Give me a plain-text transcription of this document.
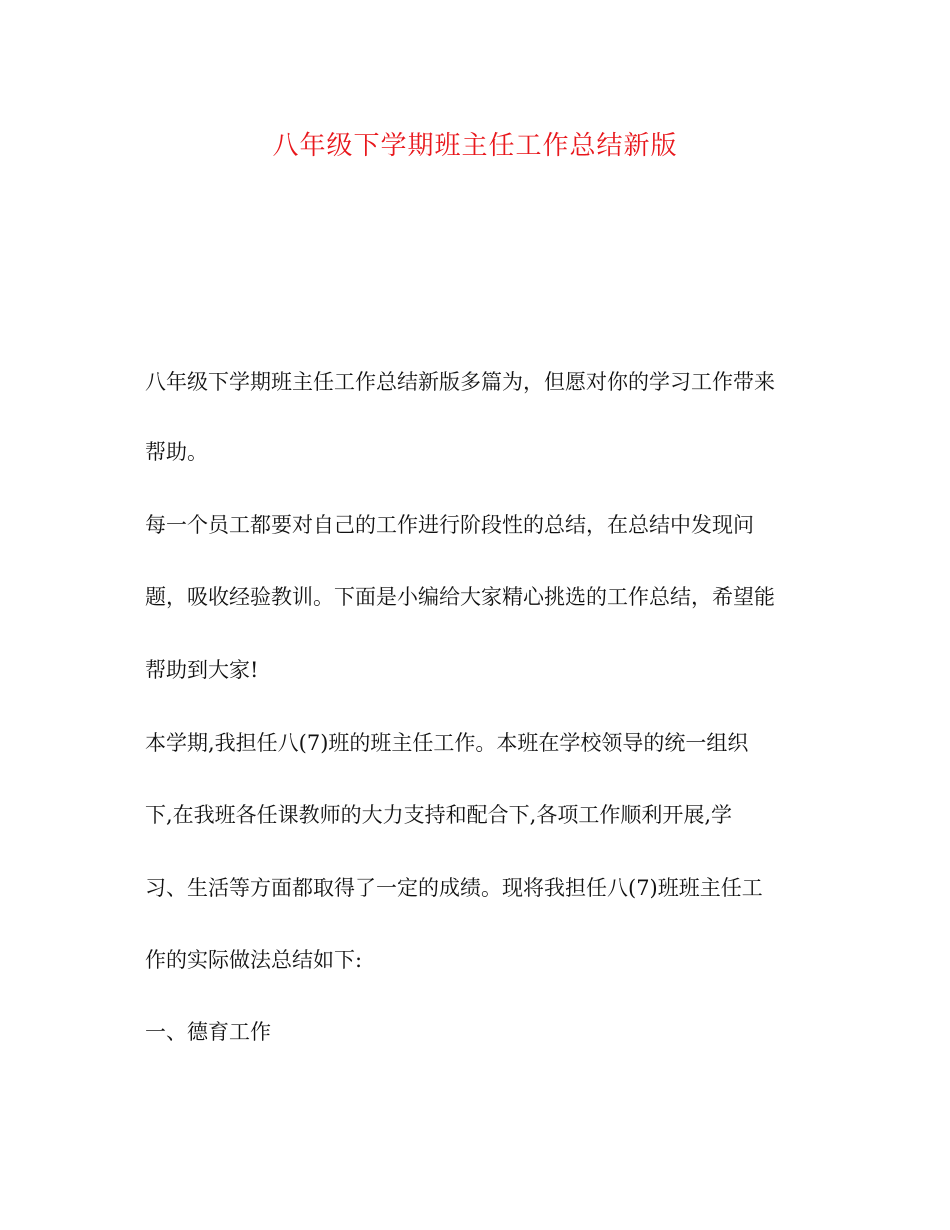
八年级下学期班主任工作总结新版
八年级下学期班主任工作总结新版多篇为，但愿对你的学习工作带来
帮助。
每一个员工都要对自己的工作进行阶段性的总结，在总结中发现问
题，吸收经验教训。下面是小编给大家精心挑选的工作总结，希望能
帮助到大家!
本学期,我担任八(7)班的班主任工作。本班在学校领导的统一组织
下,在我班各任课教师的大力支持和配合下,各项工作顺利开展,学
习、生活等方面都取得了一定的成绩。现将我担任八(7)班班主任工
作的实际做法总结如下:
一、德育工作
